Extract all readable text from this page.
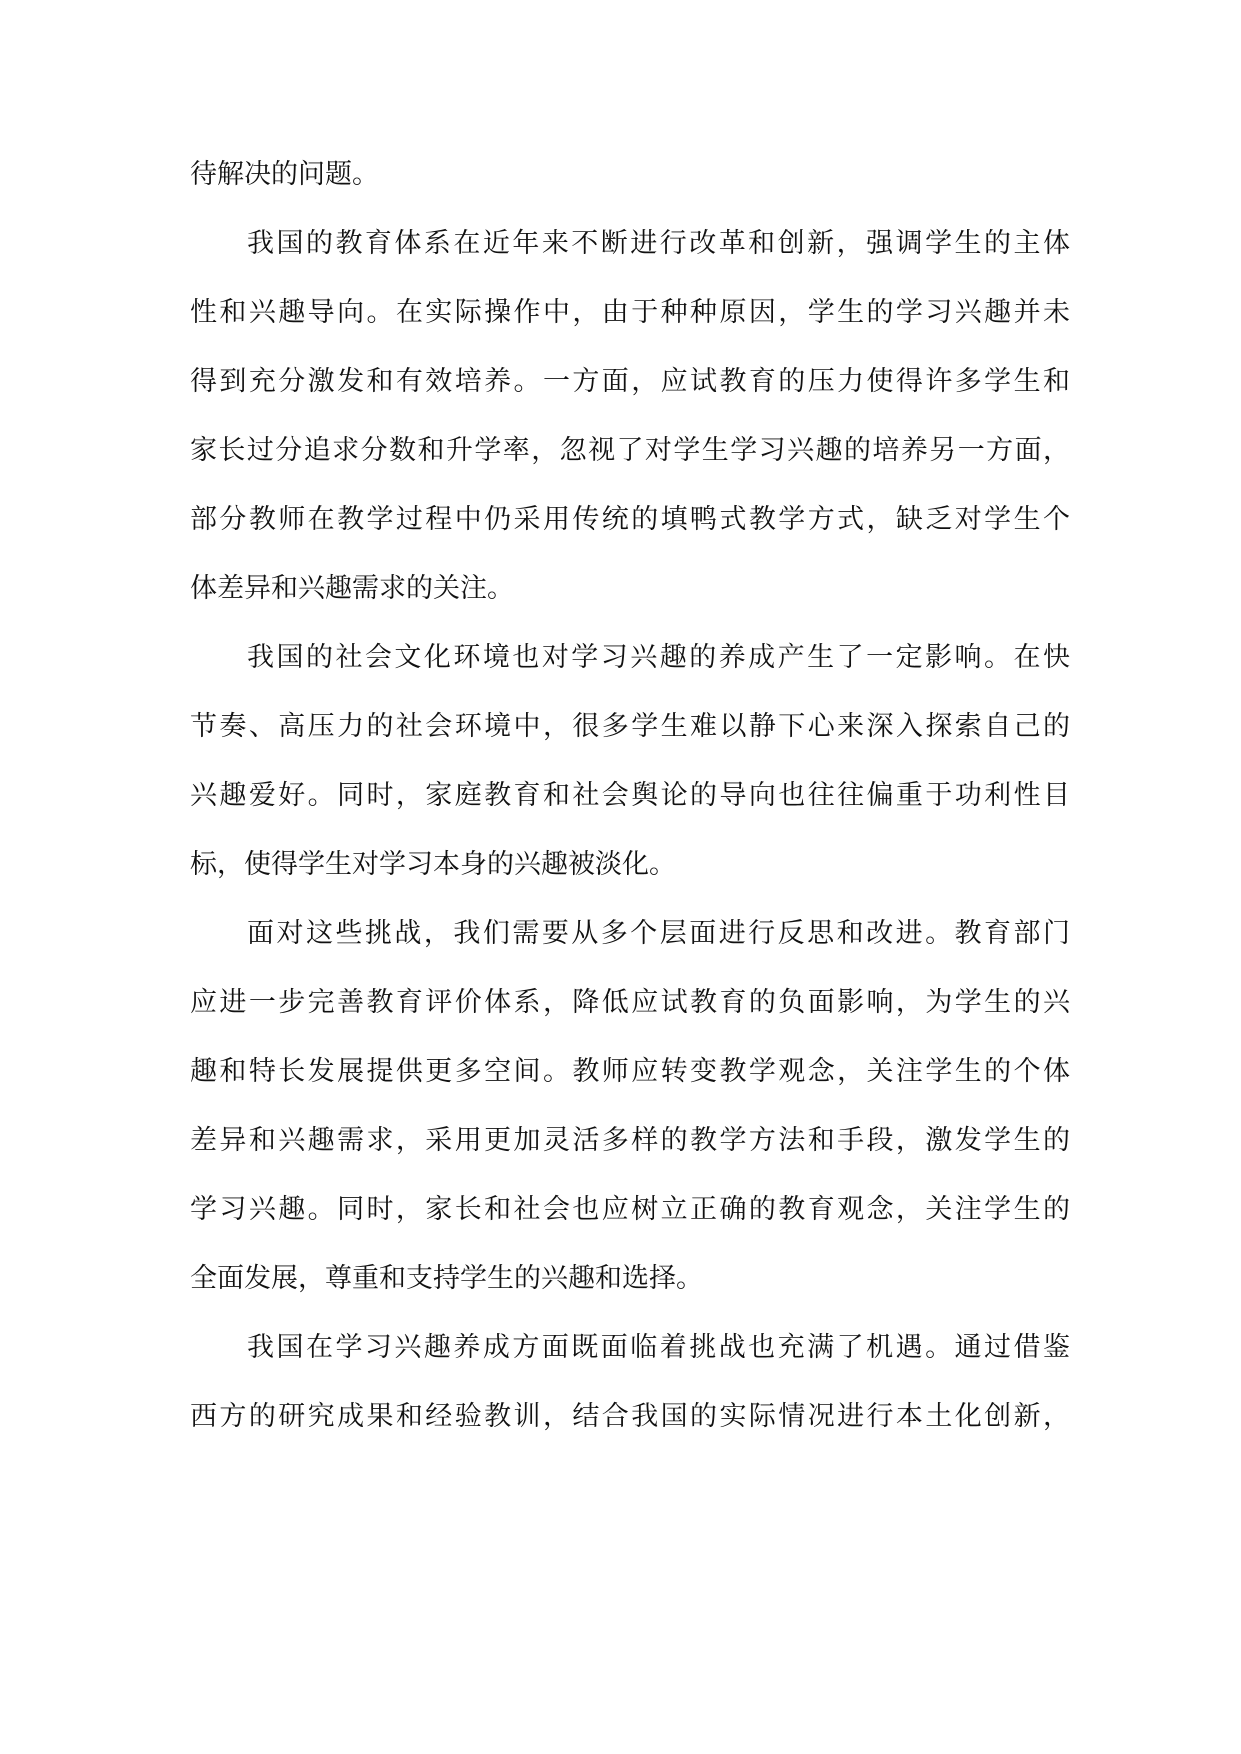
待解决的问题。
我国的教育体系在近年来不断进行改革和创新，强调学生的主体
性和兴趣导向。在实际操作中，由于种种原因，学生的学习兴趣并未
得到充分激发和有效培养。一方面，应试教育的压力使得许多学生和
家长过分追求分数和升学率，忽视了对学生学习兴趣的培养另一方面，
部分教师在教学过程中仍采用传统的填鸭式教学方式，缺乏对学生个
体差异和兴趣需求的关注。
我国的社会文化环境也对学习兴趣的养成产生了一定影响。在快
节奏、高压力的社会环境中，很多学生难以静下心来深入探索自己的
兴趣爱好。同时，家庭教育和社会舆论的导向也往往偏重于功利性目
标，使得学生对学习本身的兴趣被淡化。
面对这些挑战，我们需要从多个层面进行反思和改进。教育部门
应进一步完善教育评价体系，降低应试教育的负面影响，为学生的兴
趣和特长发展提供更多空间。教师应转变教学观念，关注学生的个体
差异和兴趣需求，采用更加灵活多样的教学方法和手段，激发学生的
学习兴趣。同时，家长和社会也应树立正确的教育观念，关注学生的
全面发展，尊重和支持学生的兴趣和选择。
我国在学习兴趣养成方面既面临着挑战也充满了机遇。通过借鉴
西方的研究成果和经验教训，结合我国的实际情况进行本土化创新，
